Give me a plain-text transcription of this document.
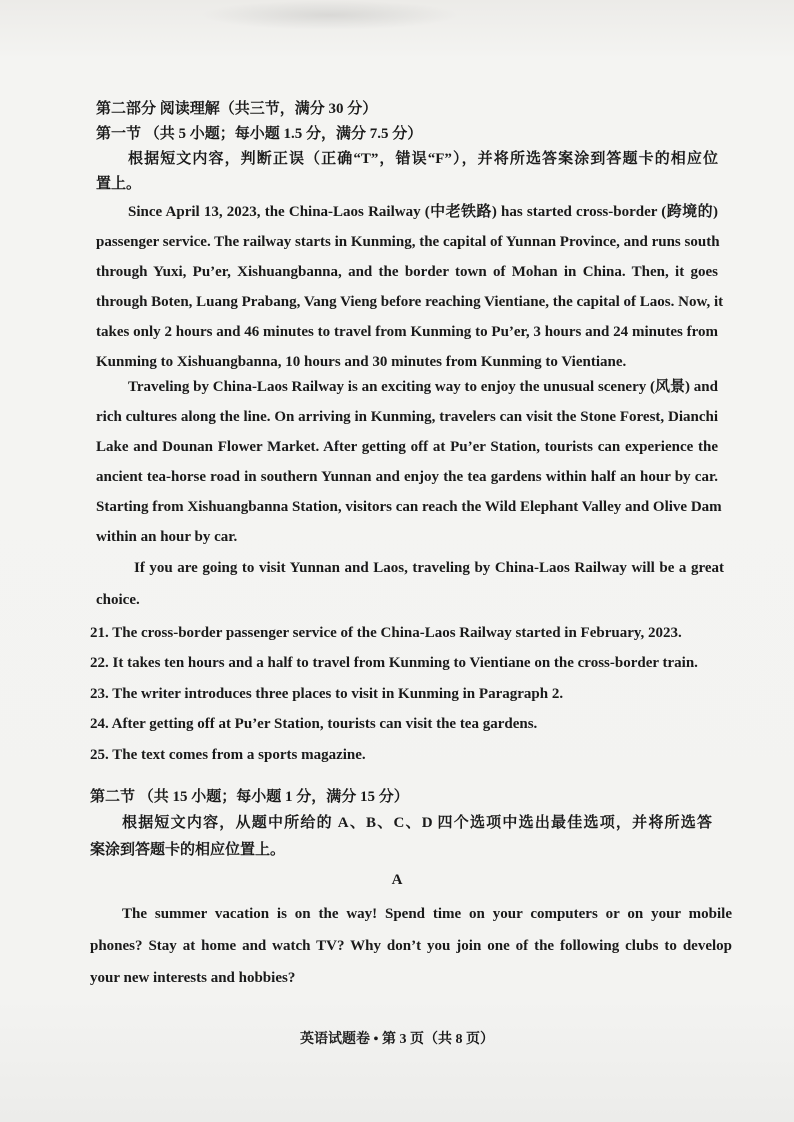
第二部分 阅读理解（共三节，满分 30 分）
第一节 （共 5 小题；每小题 1.5 分，满分 7.5 分）
根据短文内容，判断正误（正确“T”，错误“F”），并将所选答案涂到答题卡的相应位
置上。
Since April 13, 2023, the China-Laos Railway (中老铁路) has started cross-border (跨境的)
passenger service. The railway starts in Kunming, the capital of Yunnan Province, and runs south
through Yuxi, Pu’er, Xishuangbanna, and the border town of Mohan in China. Then, it goes
through Boten, Luang Prabang, Vang Vieng before reaching Vientiane, the capital of Laos. Now, it
takes only 2 hours and 46 minutes to travel from Kunming to Pu’er, 3 hours and 24 minutes from
Kunming to Xishuangbanna, 10 hours and 30 minutes from Kunming to Vientiane.
Traveling by China-Laos Railway is an exciting way to enjoy the unusual scenery (风景) and
rich cultures along the line. On arriving in Kunming, travelers can visit the Stone Forest, Dianchi
Lake and Dounan Flower Market. After getting off at Pu’er Station, tourists can experience the
ancient tea-horse road in southern Yunnan and enjoy the tea gardens within half an hour by car.
Starting from Xishuangbanna Station, visitors can reach the Wild Elephant Valley and Olive Dam
within an hour by car.
If you are going to visit Yunnan and Laos, traveling by China-Laos Railway will be a great
choice.
21. The cross-border passenger service of the China-Laos Railway started in February, 2023.
22. It takes ten hours and a half to travel from Kunming to Vientiane on the cross-border train.
23. The writer introduces three places to visit in Kunming in Paragraph 2.
24. After getting off at Pu’er Station, tourists can visit the tea gardens.
25. The text comes from a sports magazine.
第二节 （共 15 小题；每小题 1 分，满分 15 分）
根据短文内容，从题中所给的 A、B、C、D 四个选项中选出最佳选项，并将所选答
案涂到答题卡的相应位置上。
A
The summer vacation is on the way! Spend time on your computers or on your mobile
phones? Stay at home and watch TV? Why don’t you join one of the following clubs to develop
your new interests and hobbies?
英语试题卷 • 第 3 页（共 8 页）
